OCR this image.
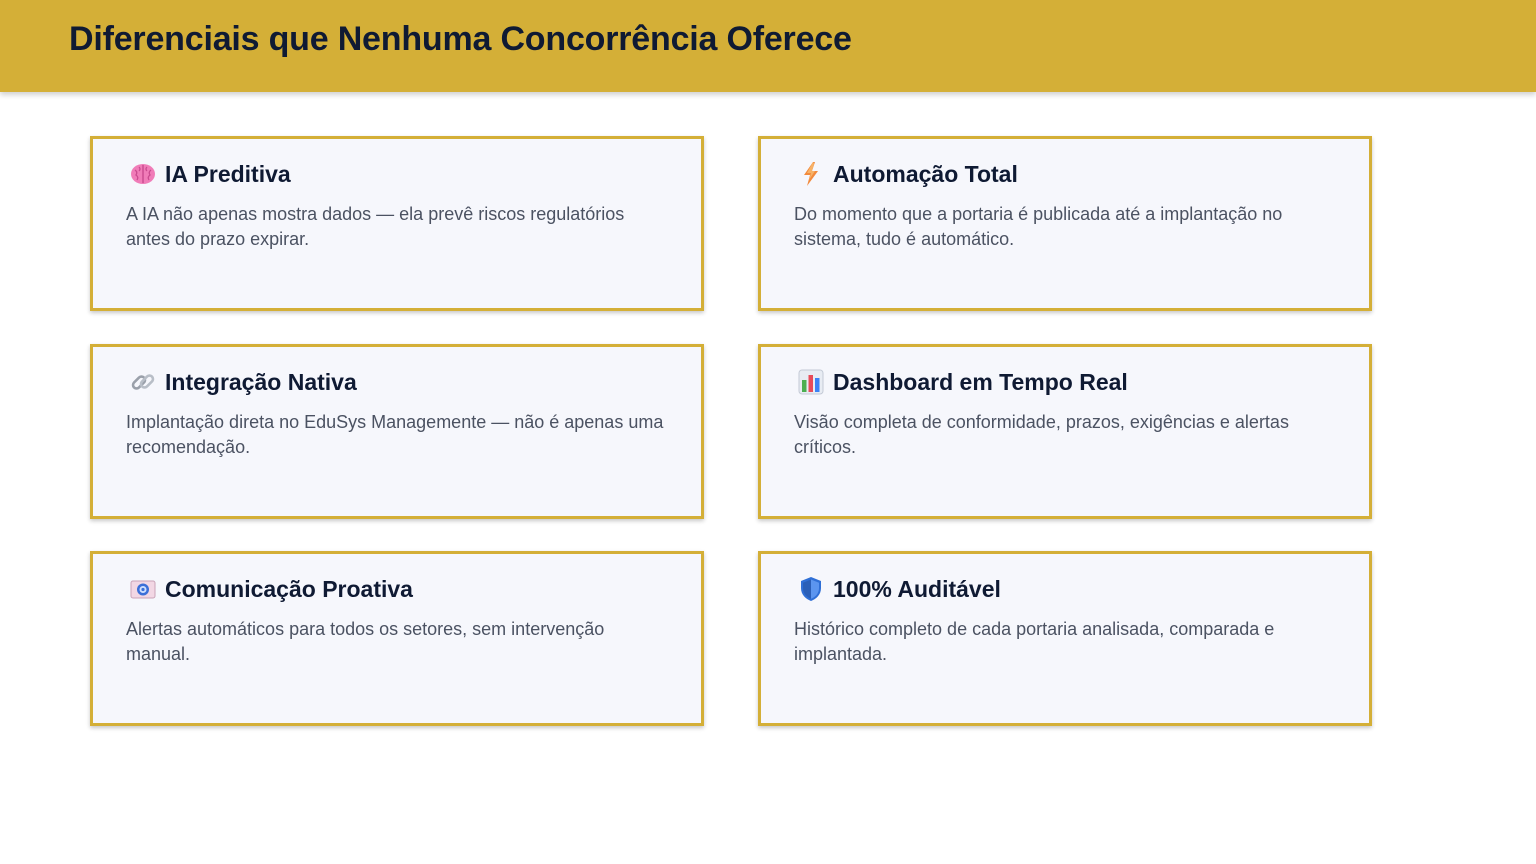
Diferenciais que Nenhuma Concorrência Oferece
IA Preditiva

A IA não apenas mostra dados — ela prevê riscos regulatórios antes do prazo expirar.

Automação Total

Do momento que a portaria é publicada até a implantação no sistema, tudo é automático.

Integração Nativa

Implantação direta no EduSys Managemente — não é apenas uma recomendação.

Dashboard em Tempo Real

Visão completa de conformidade, prazos, exigências e alertas críticos.

Comunicação Proativa

Alertas automáticos para todos os setores, sem intervenção manual.

100% Auditável

Histórico completo de cada portaria analisada, comparada e implantada.
